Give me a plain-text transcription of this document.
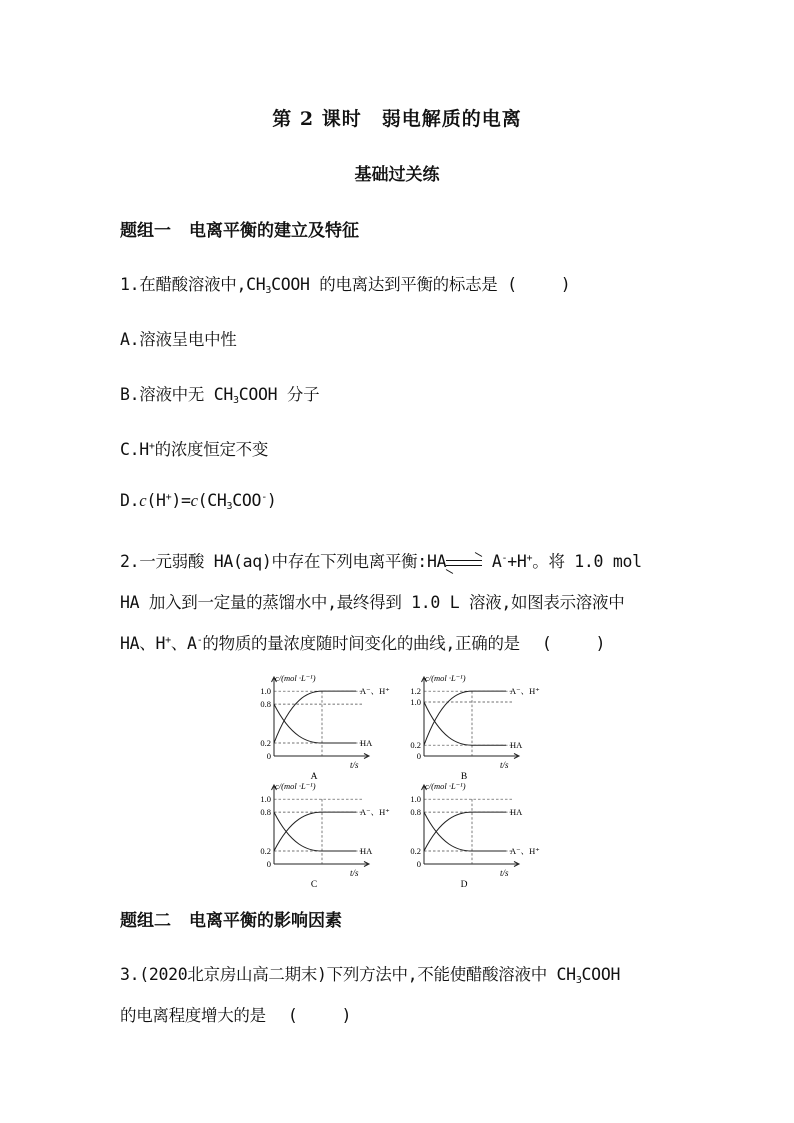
第 2 课时 弱电解质的电离
基础过关练
题组一 电离平衡的建立及特征
1.在醋酸溶液中$,CH_3COOH$ 的电离达到平衡的标志是 (	)
A.溶液呈电中性
B.溶液中无 $CH_3COOH$ 分子
C.H+的浓度恒定不变
$D.c(H^+)=c(CH_3COO^-)$
2.一元弱酸 HA(aq)中存在下列电离平衡:HA
A-+H+。将 1.0 mol
HA 加入到一定量的蒸馏水中,最终得到 1.0 L 溶液,如图表示溶液中
HA、H+、A-的物质的量浓度随时间变化的曲线,正确的是 (	)
c/(mol ·L⁻¹)
t/s
1.0
0.8
0.2
0
A⁻、H⁺
HA
A
c/(mol ·L⁻¹)
t/s
1.2
1.0
0.2
0
A⁻、H⁺
HA
B
c/(mol ·L⁻¹)
t/s
1.0
0.8
0.2
0
A⁻、H⁺
HA
C
c/(mol ·L⁻¹)
t/s
1.0
0.8
0.2
0
HA
A⁻、H⁺
D
题组二 电离平衡的影响因素
3.(2020北京房山高二期末)下列方法中,不能使醋酸溶液中 $CH_3COOH$
的电离程度增大的是 (	)
